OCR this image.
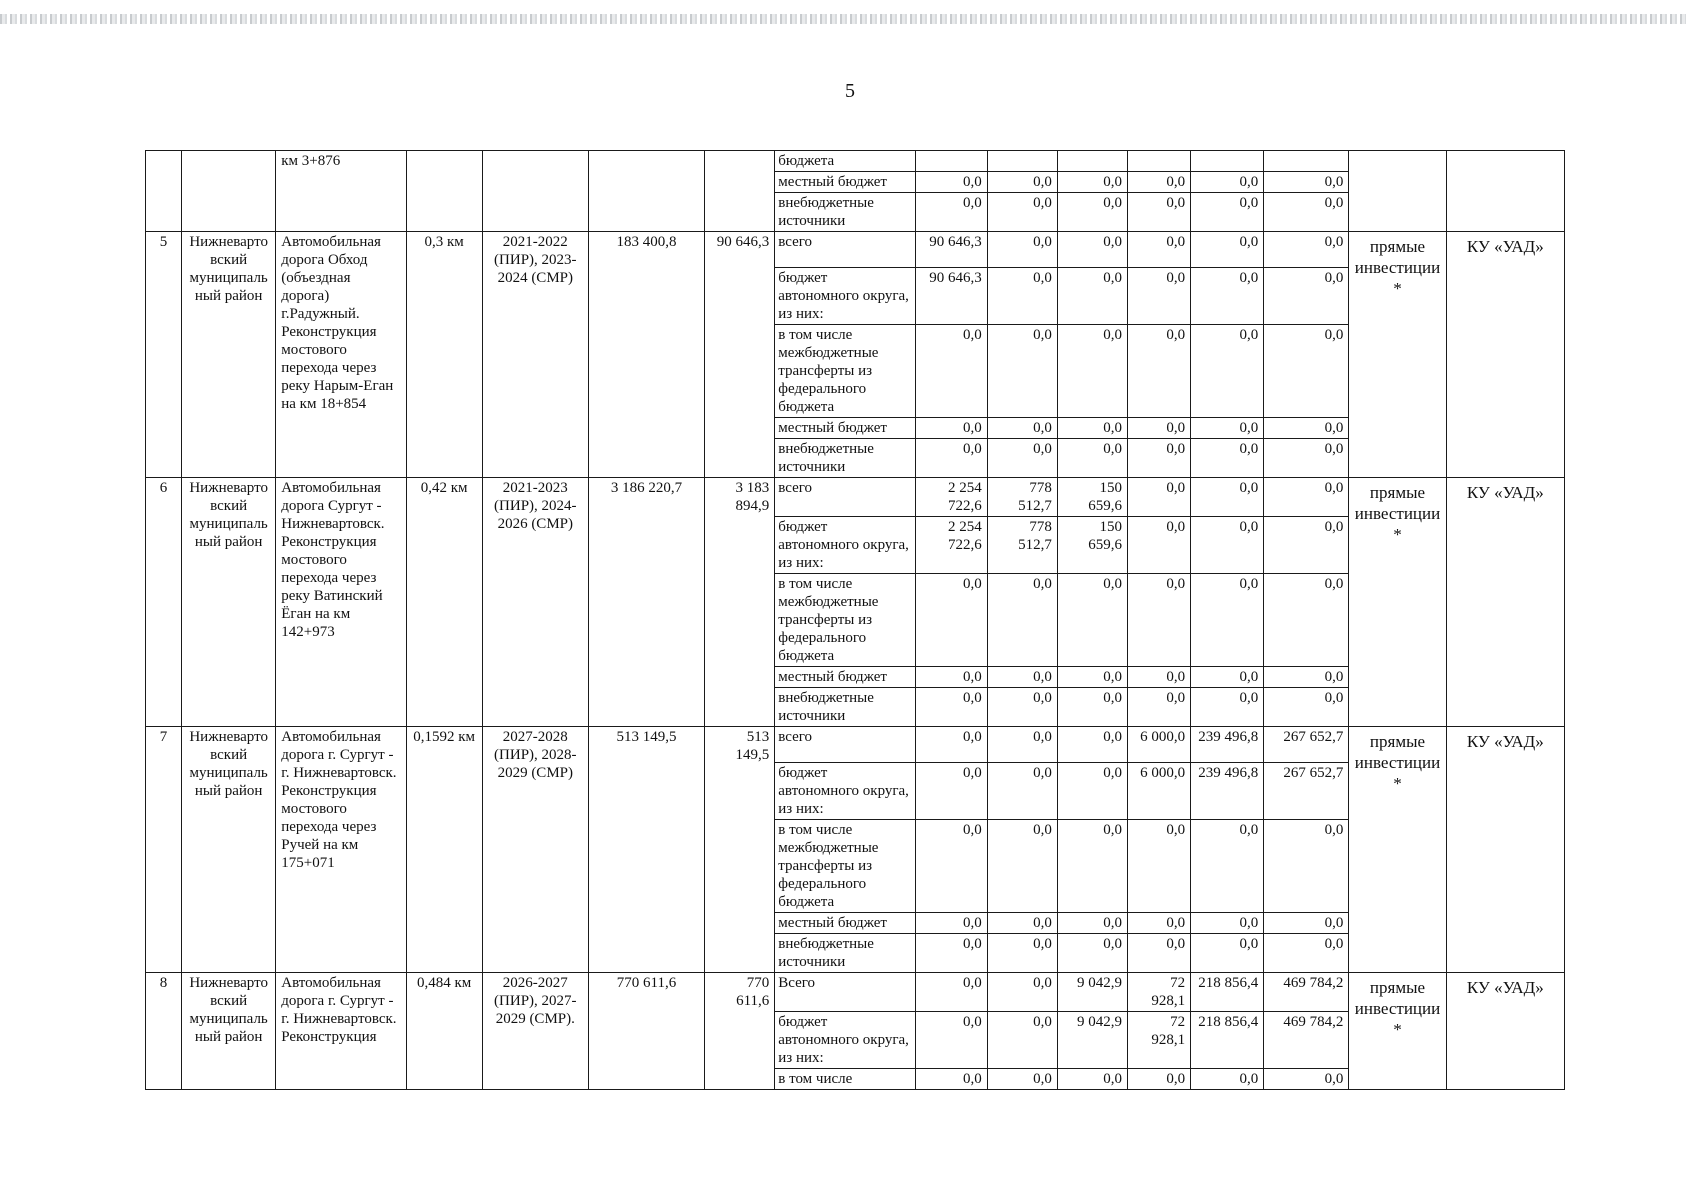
5
		км 3+876					бюджета								
							местный бюджет	0,0	0,0	0,0	0,0	0,0	0,0		
							внебюджетные источники	0,0	0,0	0,0	0,0	0,0	0,0		
5	Нижневартовский муниципальный район	Автомобильная дорога Обход (объездная дорога) г.Радужный. Реконструкция мостового перехода через реку Нарым-Еган на км 18+854	0,3 км	2021-2022 (ПИР), 2023-2024 (СМР)	183 400,8	90 646,3	всего	90 646,3	0,0	0,0	0,0	0,0	0,0	прямые инвестиции *	КУ «УАД»
							бюджет автономного округа, из них:	90 646,3	0,0	0,0	0,0	0,0	0,0		
							в том числе межбюджетные трансферты из федерального бюджета	0,0	0,0	0,0	0,0	0,0	0,0		
							местный бюджет	0,0	0,0	0,0	0,0	0,0	0,0		
							внебюджетные источники	0,0	0,0	0,0	0,0	0,0	0,0		
6	Нижневартовский муниципальный район	Автомобильная дорога Сургут - Нижневартовск. Реконструкция мостового перехода через реку Ватинский Ёган на км 142+973	0,42 км	2021-2023 (ПИР), 2024-2026 (СМР)	3 186 220,7	3 183 894,9	всего	2 254 722,6	778 512,7	150 659,6	0,0	0,0	0,0	прямые инвестиции *	КУ «УАД»
							бюджет автономного округа, из них:	2 254 722,6	778 512,7	150 659,6	0,0	0,0	0,0		
							в том числе межбюджетные трансферты из федерального бюджета	0,0	0,0	0,0	0,0	0,0	0,0		
							местный бюджет	0,0	0,0	0,0	0,0	0,0	0,0		
							внебюджетные источники	0,0	0,0	0,0	0,0	0,0	0,0		
7	Нижневартовский муниципальный район	Автомобильная дорога г. Сургут - г. Нижневартовск. Реконструкция мостового перехода через Ручей на км 175+071	0,1592 км	2027-2028 (ПИР), 2028-2029 (СМР)	513 149,5	513 149,5	всего	0,0	0,0	0,0	6 000,0	239 496,8	267 652,7	прямые инвестиции *	КУ «УАД»
							бюджет автономного округа, из них:	0,0	0,0	0,0	6 000,0	239 496,8	267 652,7		
							в том числе межбюджетные трансферты из федерального бюджета	0,0	0,0	0,0	0,0	0,0	0,0		
							местный бюджет	0,0	0,0	0,0	0,0	0,0	0,0		
							внебюджетные источники	0,0	0,0	0,0	0,0	0,0	0,0		
8	Нижневартовский муниципальный район	Автомобильная дорога г. Сургут - г. Нижневартовск. Реконструкция	0,484 км	2026-2027 (ПИР), 2027-2029 (СМР).	770 611,6	770 611,6	Всего	0,0	0,0	9 042,9	72 928,1	218 856,4	469 784,2	прямые инвестиции *	КУ «УАД»
							бюджет автономного округа, из них:	0,0	0,0	9 042,9	72 928,1	218 856,4	469 784,2		
							в том числе	0,0	0,0	0,0	0,0	0,0	0,0		
